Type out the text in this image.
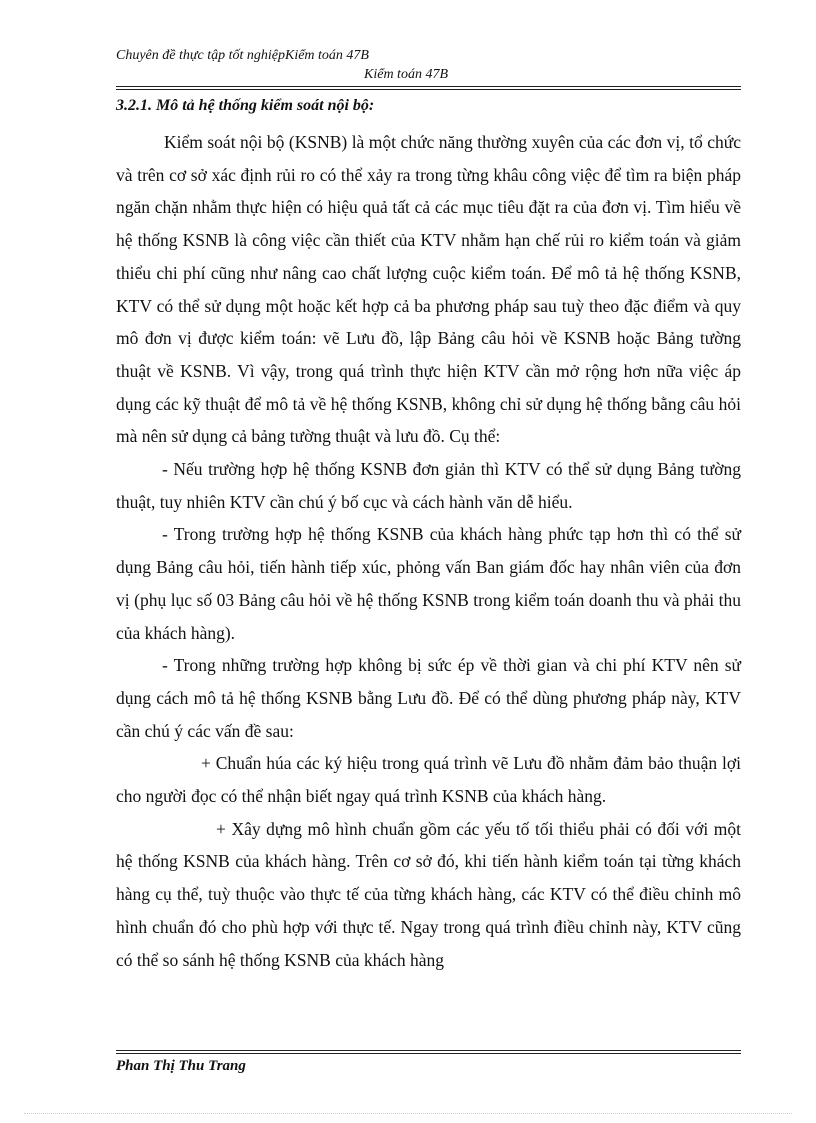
Chuyên đề thực tập tốt nghiệpKiểm toán 47B
Kiểm toán 47B
3.2.1. Mô tả hệ thống kiểm soát nội bộ:

Kiểm soát nội bộ (KSNB) là một chức năng thường xuyên của các đơn vị, tổ chức và trên cơ sở xác định rủi ro có thể xảy ra trong từng khâu công việc để tìm ra biện pháp ngăn chặn nhằm thực hiện có hiệu quả tất cả các mục tiêu đặt ra của đơn vị. Tìm hiểu về hệ thống KSNB là công việc cần thiết của KTV nhằm hạn chế rủi ro kiểm toán và giảm thiểu chi phí cũng như nâng cao chất lượng cuộc kiểm toán. Để mô tả hệ thống KSNB, KTV có thể sử dụng một hoặc kết hợp cả ba phương pháp sau tuỳ theo đặc điểm và quy mô đơn vị được kiểm toán: vẽ Lưu đồ, lập Bảng câu hỏi về KSNB hoặc Bảng tường thuật về KSNB. Vì vậy, trong quá trình thực hiện KTV cần mở rộng hơn nữa việc áp dụng các kỹ thuật để mô tả về hệ thống KSNB, không chỉ sử dụng hệ thống bằng câu hỏi mà nên sử dụng cả bảng tường thuật và lưu đồ. Cụ thể:

- Nếu trường hợp hệ thống KSNB đơn giản thì KTV có thể sử dụng Bảng tường thuật, tuy nhiên KTV cần chú ý bố cục và cách hành văn dễ hiểu.

- Trong trường hợp hệ thống KSNB của khách hàng phức tạp hơn thì có thể sử dụng Bảng câu hỏi, tiến hành tiếp xúc, phỏng vấn Ban giám đốc hay nhân viên của đơn vị (phụ lục số 03 Bảng câu hỏi về hệ thống KSNB trong kiểm toán doanh thu và phải thu của khách hàng).

- Trong những trường hợp không bị sức ép về thời gian và chi phí KTV nên sử dụng cách mô tả hệ thống KSNB bằng Lưu đồ. Để có thể dùng phương pháp này, KTV cần chú ý các vấn đề sau:

+ Chuẩn húa các ký hiệu trong quá trình vẽ Lưu đồ nhằm đảm bảo thuận lợi cho người đọc có thể nhận biết ngay quá trình KSNB của khách hàng.

+ Xây dựng mô hình chuẩn gồm các yếu tố tối thiểu phải có đối với một hệ thống KSNB của khách hàng. Trên cơ sở đó, khi tiến hành kiểm toán tại từng khách hàng cụ thể, tuỳ thuộc vào thực tế của từng khách hàng, các KTV có thể điều chỉnh mô hình chuẩn đó cho phù hợp với thực tế. Ngay trong quá trình điều chỉnh này, KTV cũng có thể so sánh hệ thống KSNB của khách hàng

Phan Thị Thu Trang
